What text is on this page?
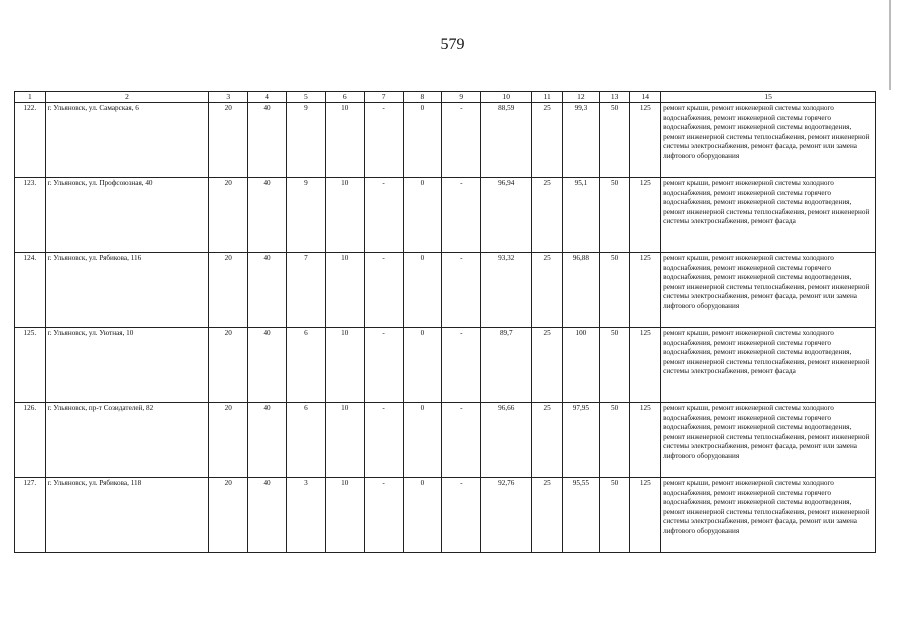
579
1	2	3	4	5	6	7	8	9	10	11	12	13	14	15
122.	г. Ульяновск, ул. Самарская, 6	20	40	9	10	-	0	-	88,59	25	99,3	50	125	ремонт крыши, ремонт инженерной системы холодного водоснабжения, ремонт инженерной системы горячего водоснабжения, ремонт инженерной системы водоотведения, ремонт инженерной системы теплоснабжения, ремонт инженерной системы электроснабжения, ремонт фасада, ремонт или замена лифтового оборудования
123.	г. Ульяновск, ул. Профсоюзная, 40	20	40	9	10	-	0	-	96,94	25	95,1	50	125	ремонт крыши, ремонт инженерной системы холодного водоснабжения, ремонт инженерной системы горячего водоснабжения, ремонт инженерной системы водоотведения, ремонт инженерной системы теплоснабжения, ремонт инженерной системы электроснабжения, ремонт фасада
124.	г. Ульяновск, ул. Рябикова, 116	20	40	7	10	-	0	-	93,32	25	96,88	50	125	ремонт крыши, ремонт инженерной системы холодного водоснабжения, ремонт инженерной системы горячего водоснабжения, ремонт инженерной системы водоотведения, ремонт инженерной системы теплоснабжения, ремонт инженерной системы электроснабжения, ремонт фасада, ремонт или замена лифтового оборудования
125.	г. Ульяновск, ул. Уютная, 10	20	40	6	10	-	0	-	89,7	25	100	50	125	ремонт крыши, ремонт инженерной системы холодного водоснабжения, ремонт инженерной системы горячего водоснабжения, ремонт инженерной системы водоотведения, ремонт инженерной системы теплоснабжения, ремонт инженерной системы электроснабжения, ремонт фасада
126.	г. Ульяновск, пр-т Созидателей, 82	20	40	6	10	-	0	-	96,66	25	97,95	50	125	ремонт крыши, ремонт инженерной системы холодного водоснабжения, ремонт инженерной системы горячего водоснабжения, ремонт инженерной системы водоотведения, ремонт инженерной системы теплоснабжения, ремонт инженерной системы электроснабжения, ремонт фасада, ремонт или замена лифтового оборудования
127.	г. Ульяновск, ул. Рябикова, 118	20	40	3	10	-	0	-	92,76	25	95,55	50	125	ремонт крыши, ремонт инженерной системы холодного водоснабжения, ремонт инженерной системы горячего водоснабжения, ремонт инженерной системы водоотведения, ремонт инженерной системы теплоснабжения, ремонт инженерной системы электроснабжения, ремонт фасада, ремонт или замена лифтового оборудования
